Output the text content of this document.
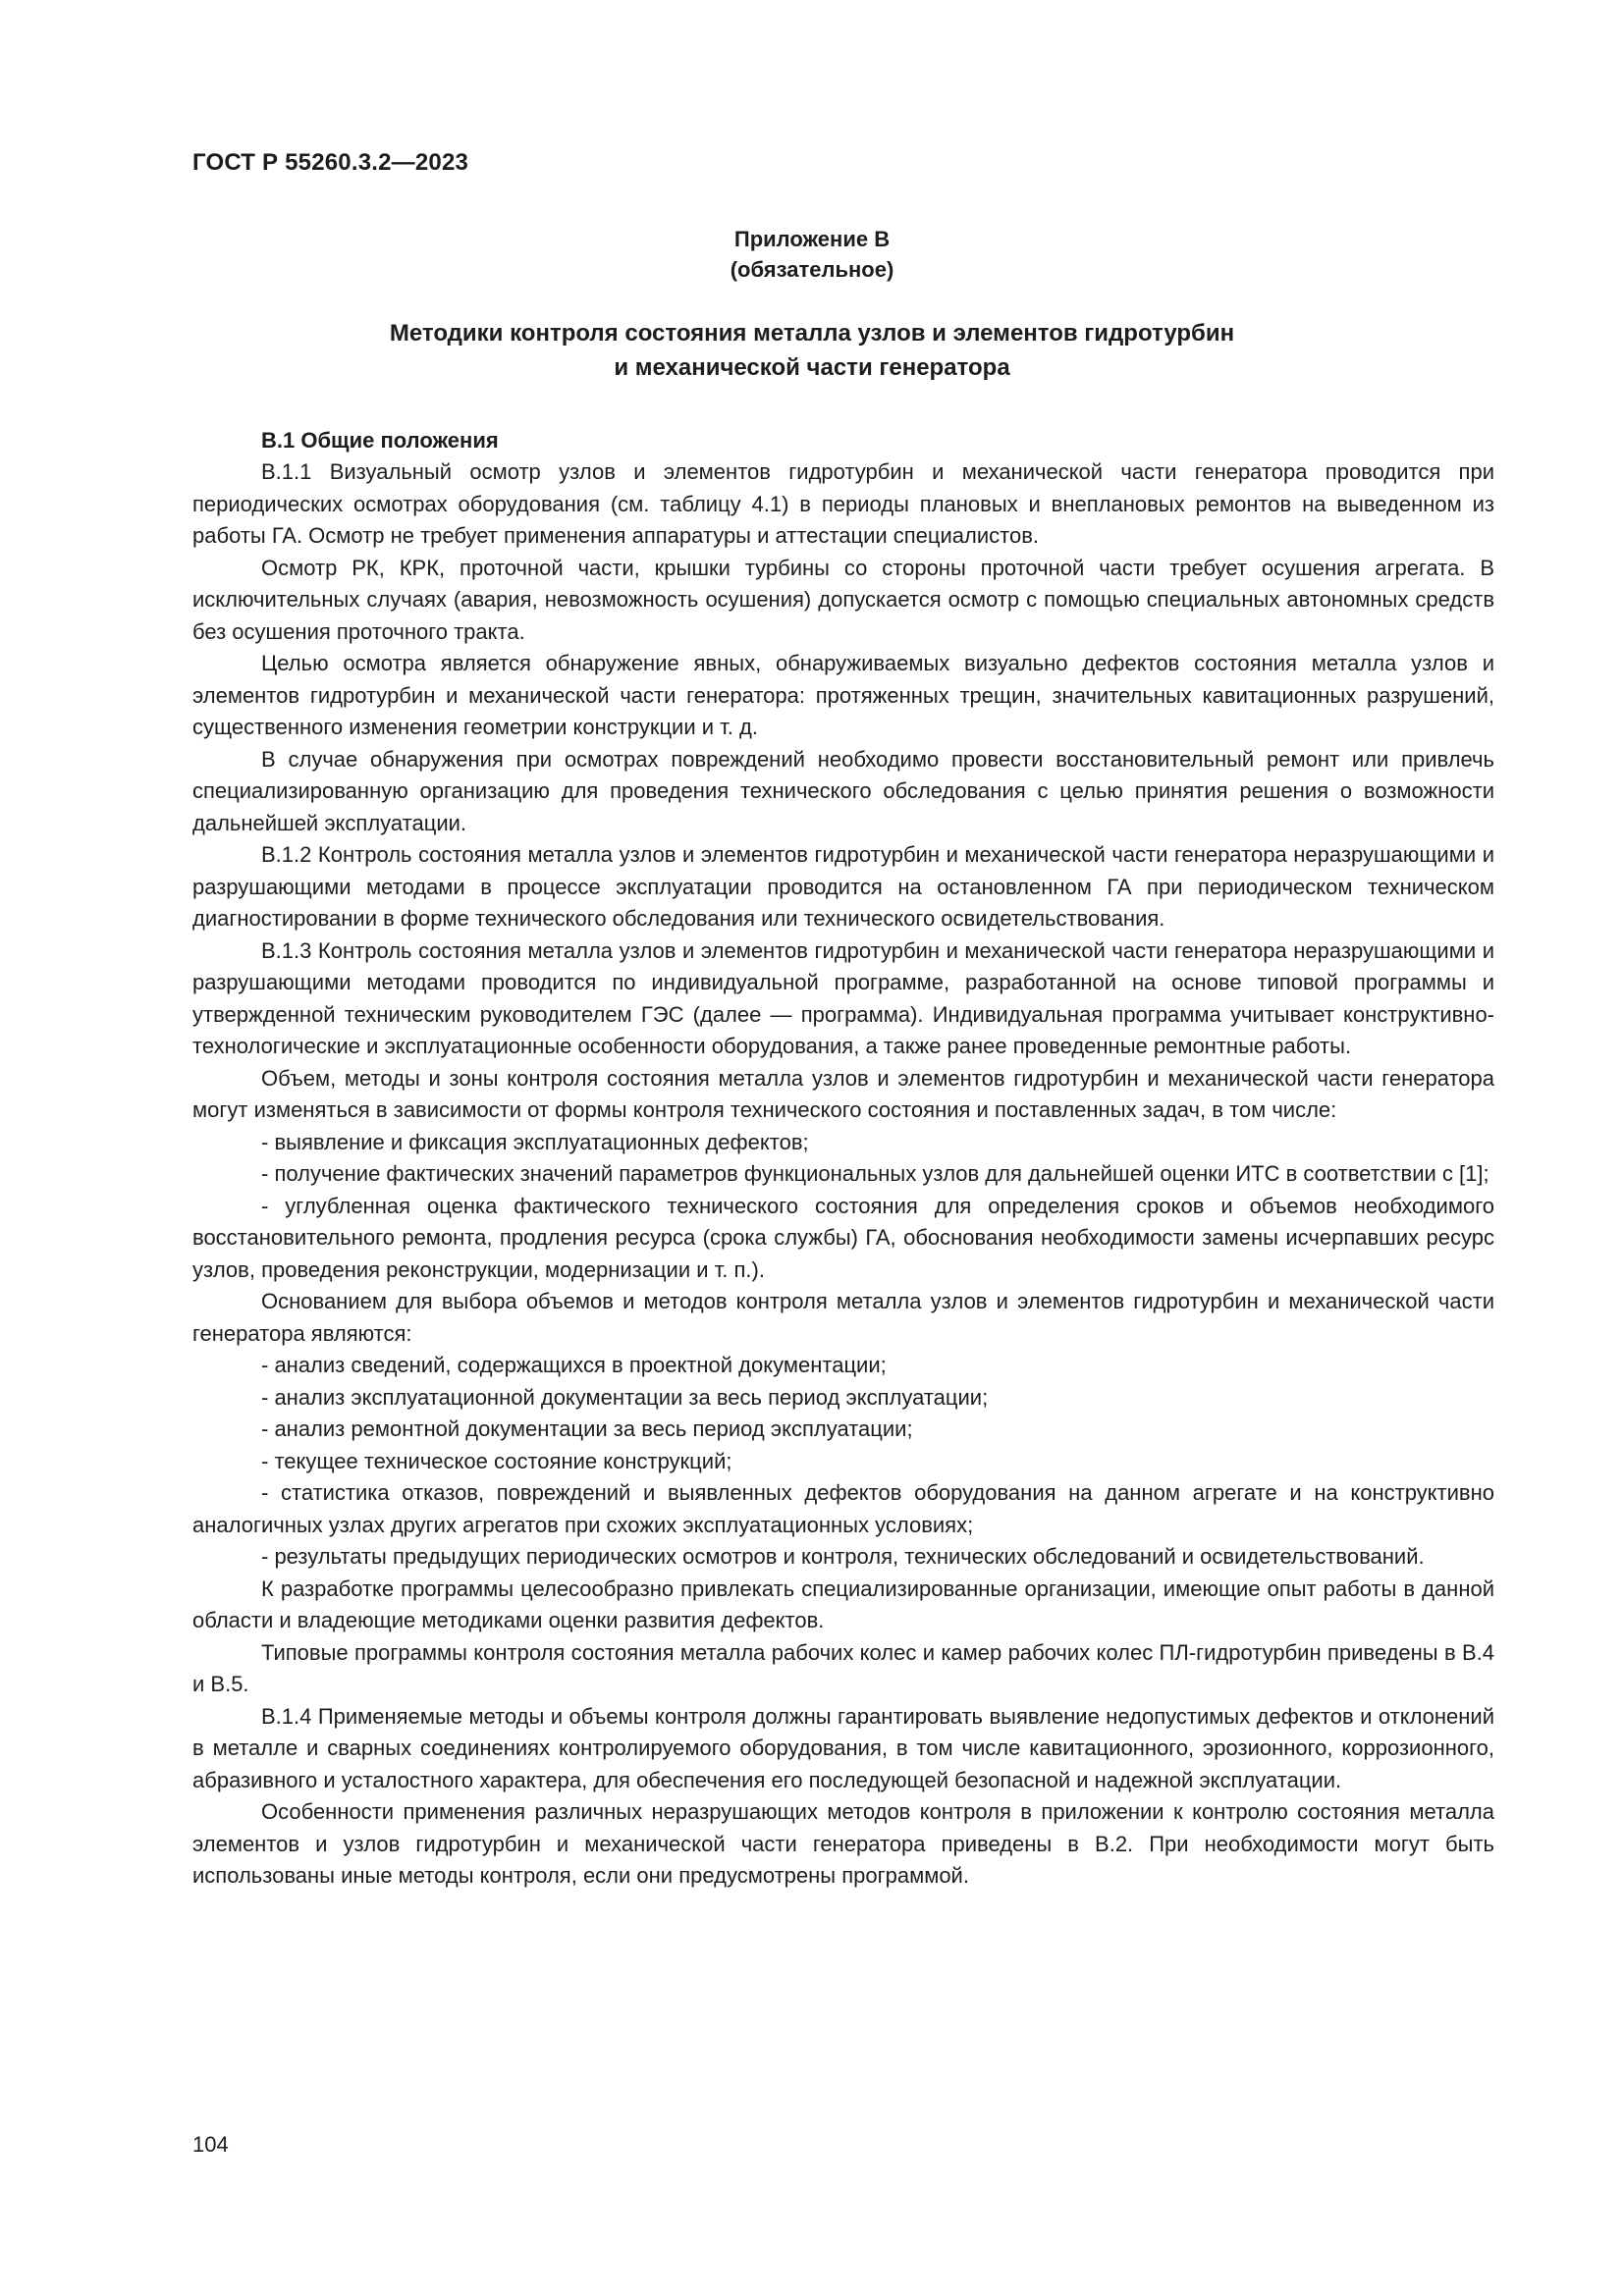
ГОСТ Р 55260.3.2—2023
Приложение В
(обязательное)
Методики контроля состояния металла узлов и элементов гидротурбин
и механической части генератора

В.1 Общие положения

В.1.1 Визуальный осмотр узлов и элементов гидротурбин и механической части генератора проводится при периодических осмотрах оборудования (см. таблицу 4.1) в периоды плановых и внеплановых ремонтов на выведенном из работы ГА. Осмотр не требует применения аппаратуры и аттестации специалистов.

Осмотр РК, КРК, проточной части, крышки турбины со стороны проточной части требует осушения агрегата. В исключительных случаях (авария, невозможность осушения) допускается осмотр с помощью специальных автономных средств без осушения проточного тракта.

Целью осмотра является обнаружение явных, обнаруживаемых визуально дефектов состояния металла узлов и элементов гидротурбин и механической части генератора: протяженных трещин, значительных кавитационных разрушений, существенного изменения геометрии конструкции и т. д.

В случае обнаружения при осмотрах повреждений необходимо провести восстановительный ремонт или привлечь специализированную организацию для проведения технического обследования с целью принятия решения о возможности дальнейшей эксплуатации.

В.1.2 Контроль состояния металла узлов и элементов гидротурбин и механической части генератора неразрушающими и разрушающими методами в процессе эксплуатации проводится на остановленном ГА при периодическом техническом диагностировании в форме технического обследования или технического освидетельствования.

В.1.3 Контроль состояния металла узлов и элементов гидротурбин и механической части генератора неразрушающими и разрушающими методами проводится по индивидуальной программе, разработанной на основе типовой программы и утвержденной техническим руководителем ГЭС (далее — программа). Индивидуальная программа учитывает конструктивно-технологические и эксплуатационные особенности оборудования, а также ранее проведенные ремонтные работы.

Объем, методы и зоны контроля состояния металла узлов и элементов гидротурбин и механической части генератора могут изменяться в зависимости от формы контроля технического состояния и поставленных задач, в том числе:

- выявление и фиксация эксплуатационных дефектов;

- получение фактических значений параметров функциональных узлов для дальнейшей оценки ИТС в соответствии с [1];

- углубленная оценка фактического технического состояния для определения сроков и объемов необходимого восстановительного ремонта, продления ресурса (срока службы) ГА, обоснования необходимости замены исчерпавших ресурс узлов, проведения реконструкции, модернизации и т. п.).

Основанием для выбора объемов и методов контроля металла узлов и элементов гидротурбин и механической части генератора являются:

- анализ сведений, содержащихся в проектной документации;

- анализ эксплуатационной документации за весь период эксплуатации;

- анализ ремонтной документации за весь период эксплуатации;

- текущее техническое состояние конструкций;

- статистика отказов, повреждений и выявленных дефектов оборудования на данном агрегате и на конструктивно аналогичных узлах других агрегатов при схожих эксплуатационных условиях;

- результаты предыдущих периодических осмотров и контроля, технических обследований и освидетельствований.

К разработке программы целесообразно привлекать специализированные организации, имеющие опыт работы в данной области и владеющие методиками оценки развития дефектов.

Типовые программы контроля состояния металла рабочих колес и камер рабочих колес ПЛ-гидротурбин приведены в В.4 и В.5.

В.1.4 Применяемые методы и объемы контроля должны гарантировать выявление недопустимых дефектов и отклонений в металле и сварных соединениях контролируемого оборудования, в том числе кавитационного, эрозионного, коррозионного, абразивного и усталостного характера, для обеспечения его последующей безопасной и надежной эксплуатации.

Особенности применения различных неразрушающих методов контроля в приложении к контролю состояния металла элементов и узлов гидротурбин и механической части генератора приведены в В.2. При необходимости могут быть использованы иные методы контроля, если они предусмотрены программой.

104
